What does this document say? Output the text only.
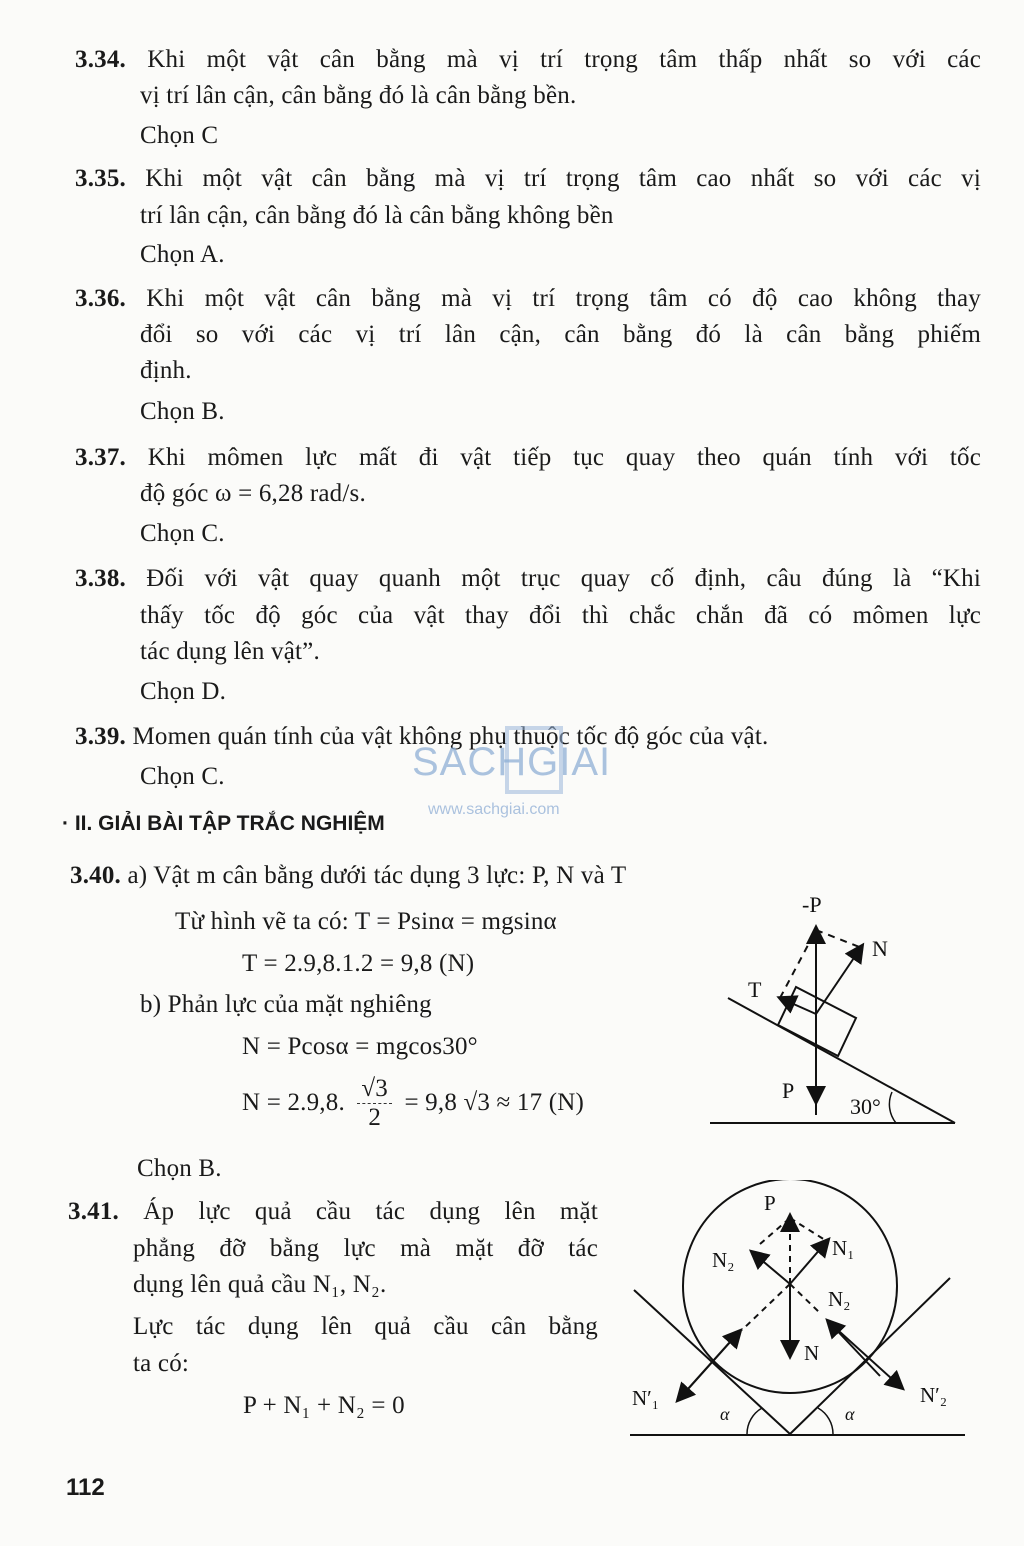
3.34. Khi một vật cân bằng mà vị trí trọng tâm thấp nhất so với các
vị trí lân cận, cân bằng đó là cân bằng bền.
Chọn C
3.35. Khi một vật cân bằng mà vị trí trọng tâm cao nhất so với các vị
trí lân cận, cân bằng đó là cân bằng không bền
Chọn A.
3.36. Khi một vật cân bằng mà vị trí trọng tâm có độ cao không thay
đổi so với các vị trí lân cận, cân bằng đó là cân bằng phiếm
định.
Chọn B.
3.37. Khi mômen lực mất đi vật tiếp tục quay theo quán tính với tốc
độ góc ω = 6,28 rad/s.
Chọn C.
3.38. Đối với vật quay quanh một trục quay cố định, câu đúng là “Khi
thấy tốc độ góc của vật thay đổi thì chắc chắn đã có mômen lực
tác dụng lên vật”.
Chọn D.
3.39. Momen quán tính của vật không phụ thuộc tốc độ góc của vật.
Chọn C.	SACHGIAI
www.sachgiai.com
· II. GIẢI BÀI TẬP TRẮC NGHIỆM
3.40. a) Vật m cân bằng dưới tác dụng 3 lực: P, N và T
Từ hình vẽ ta có: T = Psinα = mgsinα
T = 2.9,8.1.2 = 9,8 (N)
b) Phản lực của mặt nghiêng
N = Pcosα = mgcos30°
N = 2.9,8. $\frac{√3}{2} = 9,8$ √3 ≈ 17 (N)
Chọn B.
-P
N
T
P
30°
3.41. Áp lực quả cầu tác dụng lên mặt
phẳng đỡ bằng lực mà mặt đỡ tác
dụng lên quả cầu N₁, N₂.
Lực tác dụng lên quả cầu cân bằng
ta có:
P + N₁ + N₂ = 0
P
N₁
N₂
N₂
N
N′₁	N′₂
α	α
112
